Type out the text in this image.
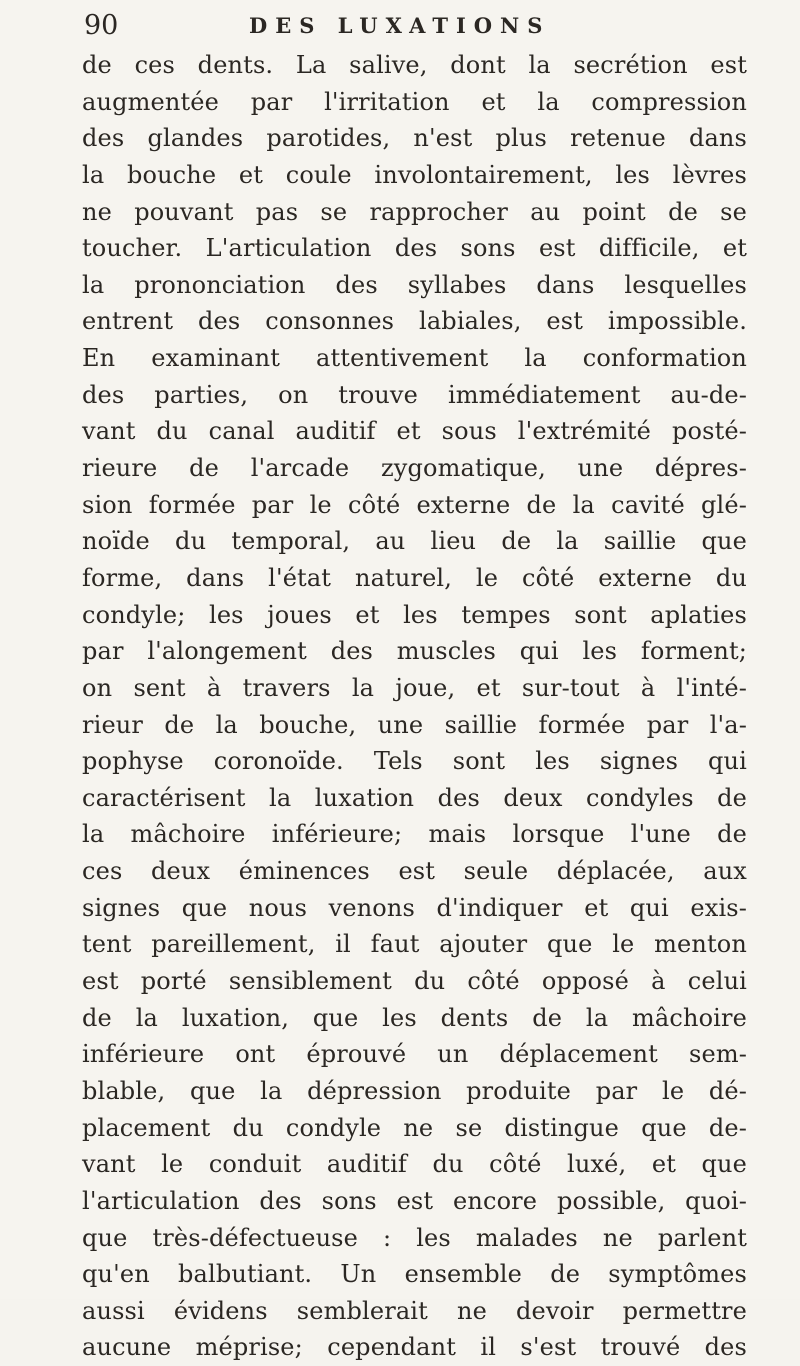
90	DES LUXATIONS
de ces dents. La salive, dont la secrétion est
augmentée par l'irritation et la compression
des glandes parotides, n'est plus retenue dans
la bouche et coule involontairement, les lèvres
ne pouvant pas se rapprocher au point de se
toucher. L'articulation des sons est difficile, et
la prononciation des syllabes dans lesquelles
entrent des consonnes labiales, est impossible.
En examinant attentivement la conformation
des parties, on trouve immédiatement au-de-
vant du canal auditif et sous l'extrémité posté-
rieure de l'arcade zygomatique, une dépres-
sion formée par le côté externe de la cavité glé-
noïde du temporal, au lieu de la saillie que
forme, dans l'état naturel, le côté externe du
condyle; les joues et les tempes sont aplaties
par l'alongement des muscles qui les forment;
on sent à travers la joue, et sur-tout à l'inté-
rieur de la bouche, une saillie formée par l'a-
pophyse coronoïde. Tels sont les signes qui
caractérisent la luxation des deux condyles de
la mâchoire inférieure; mais lorsque l'une de
ces deux éminences est seule déplacée, aux
signes que nous venons d'indiquer et qui exis-
tent pareillement, il faut ajouter que le menton
est porté sensiblement du côté opposé à celui
de la luxation, que les dents de la mâchoire
inférieure ont éprouvé un déplacement sem-
blable, que la dépression produite par le dé-
placement du condyle ne se distingue que de-
vant le conduit auditif du côté luxé, et que
l'articulation des sons est encore possible, quoi-
que très-défectueuse : les malades ne parlent
qu'en balbutiant. Un ensemble de symptômes
aussi évidens semblerait ne devoir permettre
aucune méprise; cependant il s'est trouvé des
